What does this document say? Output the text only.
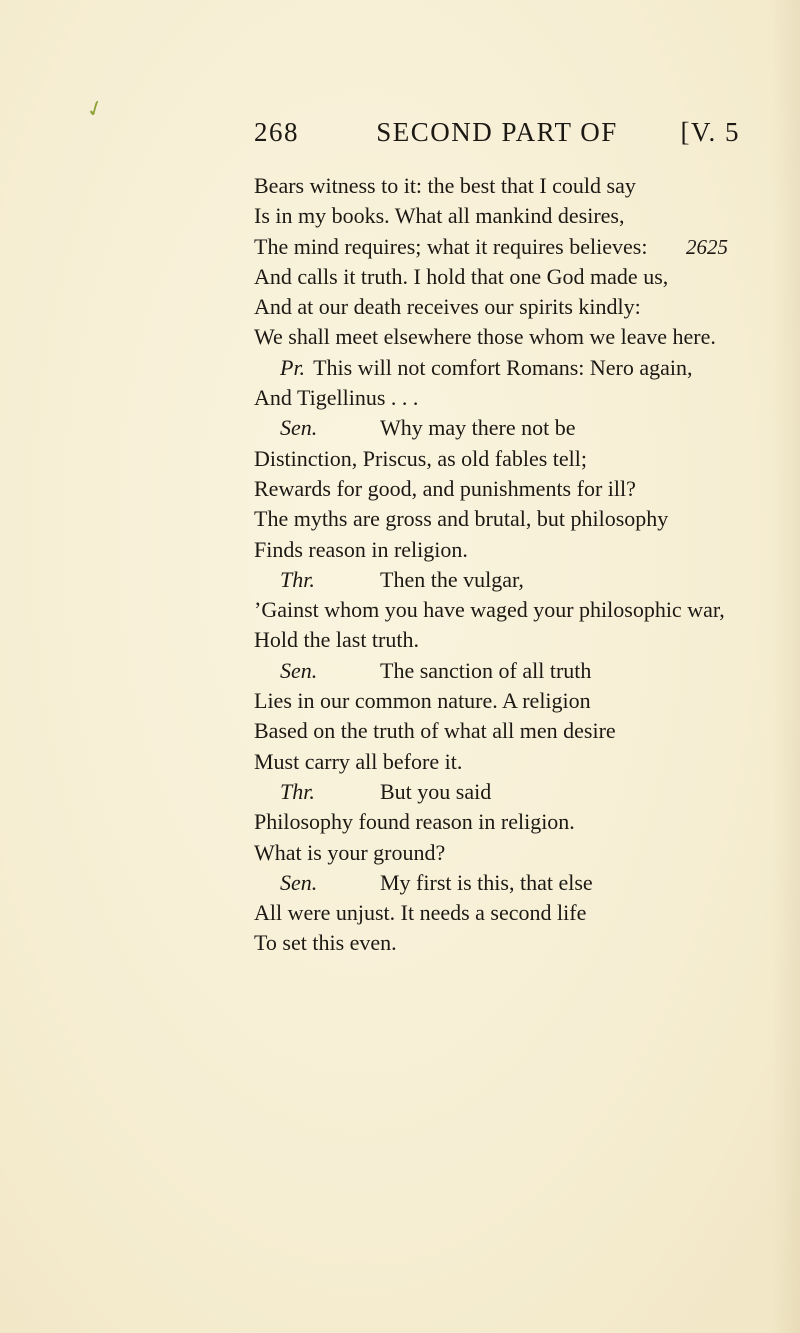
✓
268	SECOND PART OF	[V. 5
Bears witness to it: the best that I could say
Is in my books. What all mankind desires,
The mind requires; what it requires believes: 2625
And calls it truth. I hold that one God made us,
And at our death receives our spirits kindly:
We shall meet elsewhere those whom we leave here.
Pr. This will not comfort Romans: Nero again,
And Tigellinus . . .
Sen.	Why may there not be
Distinction, Priscus, as old fables tell;
Rewards for good, and punishments for ill?
The myths are gross and brutal, but philosophy
Finds reason in religion.
Thr.	Then the vulgar,
’Gainst whom you have waged your philosophic war,
Hold the last truth.
Sen.	The sanction of all truth
Lies in our common nature. A religion
Based on the truth of what all men desire
Must carry all before it.
Thr.	But you said
Philosophy found reason in religion.
What is your ground?
Sen.	My first is this, that else
All were unjust. It needs a second life
To set this even.
